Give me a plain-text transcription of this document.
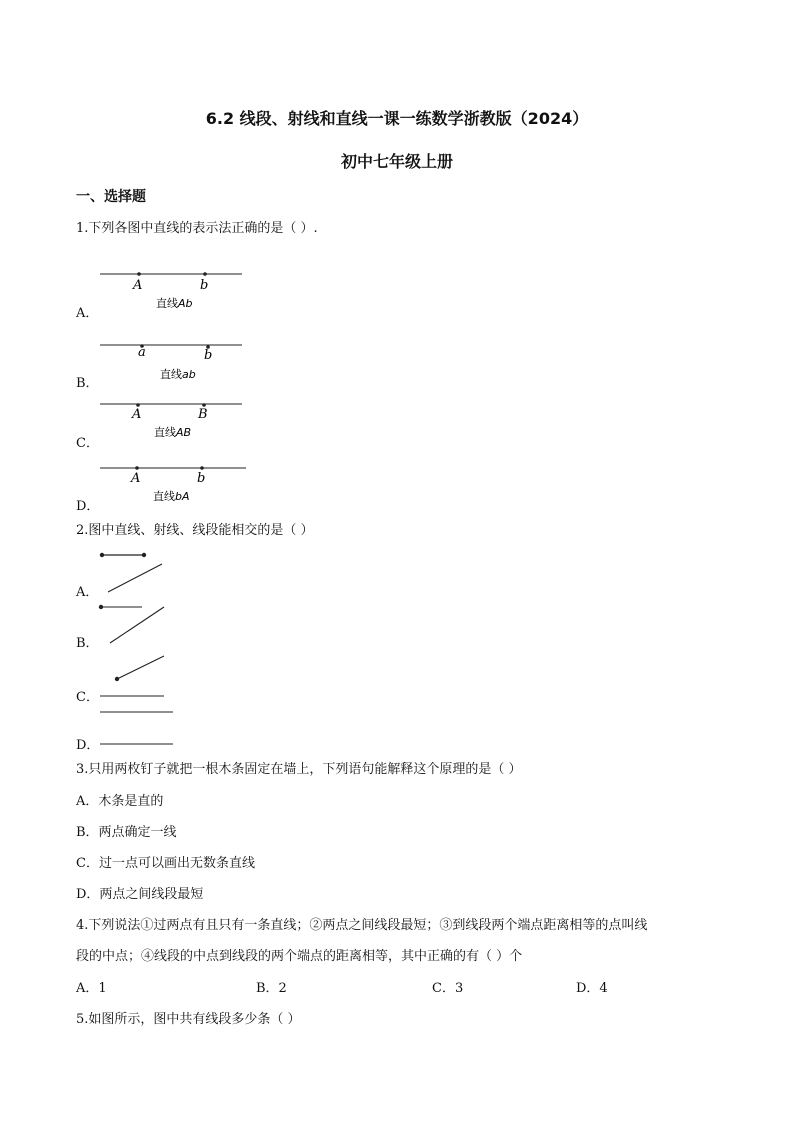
6.2 线段、射线和直线一课一练数学浙教版（2024）
初中七年级上册
一、选择题
1.下列各图中直线的表示法正确的是（ ）.
A．
A	b
直线Ab
B．
a	b
直线ab
C．
A	B
直线AB
D．
A	b
直线bA
2.图中直线、射线、线段能相交的是（ ）
A．
B．
C．
D．
3.只用两枚钉子就把一根木条固定在墙上，下列语句能解释这个原理的是（ ）
A．木条是直的
B．两点确定一线
C．过一点可以画出无数条直线
D．两点之间线段最短
4.下列说法①过两点有且只有一条直线；②两点之间线段最短；③到线段两个端点距离相等的点叫线
段的中点；④线段的中点到线段的两个端点的距离相等，其中正确的有（ ）个
A．1	B．2	C．3	D．4
5.如图所示，图中共有线段多少条（ ）
